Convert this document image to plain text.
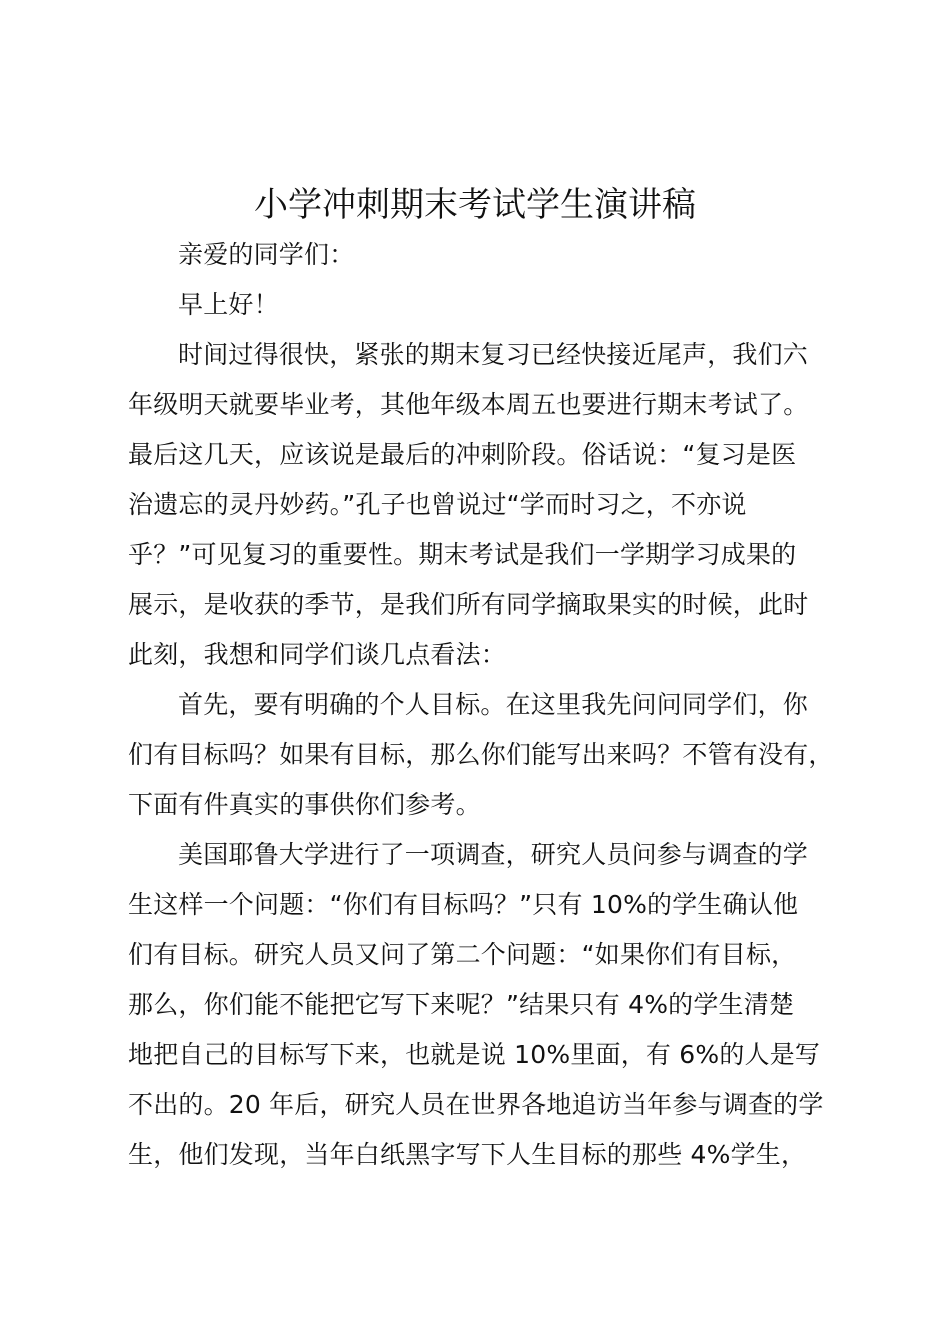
小学冲刺期末考试学生演讲稿
亲爱的同学们：
早上好！
时间过得很快，紧张的期末复习已经快接近尾声，我们六
年级明天就要毕业考，其他年级本周五也要进行期末考试了。
最后这几天，应该说是最后的冲刺阶段。俗话说：“复习是医
治遗忘的灵丹妙药。”孔子也曾说过“学而时习之，不亦说
乎？”可见复习的重要性。期末考试是我们一学期学习成果的
展示，是收获的季节，是我们所有同学摘取果实的时候，此时
此刻，我想和同学们谈几点看法：
首先，要有明确的个人目标。在这里我先问问同学们，你
们有目标吗？如果有目标，那么你们能写出来吗？不管有没有，
下面有件真实的事供你们参考。
美国耶鲁大学进行了一项调查，研究人员问参与调查的学
生这样一个问题：“你们有目标吗？”只有 10%的学生确认他
们有目标。研究人员又问了第二个问题：“如果你们有目标，
那么，你们能不能把它写下来呢？”结果只有 4%的学生清楚
地把自己的目标写下来，也就是说 10%里面，有 6%的人是写
不出的。20 年后，研究人员在世界各地追访当年参与调查的学
生，他们发现，当年白纸黑字写下人生目标的那些 4%学生，
